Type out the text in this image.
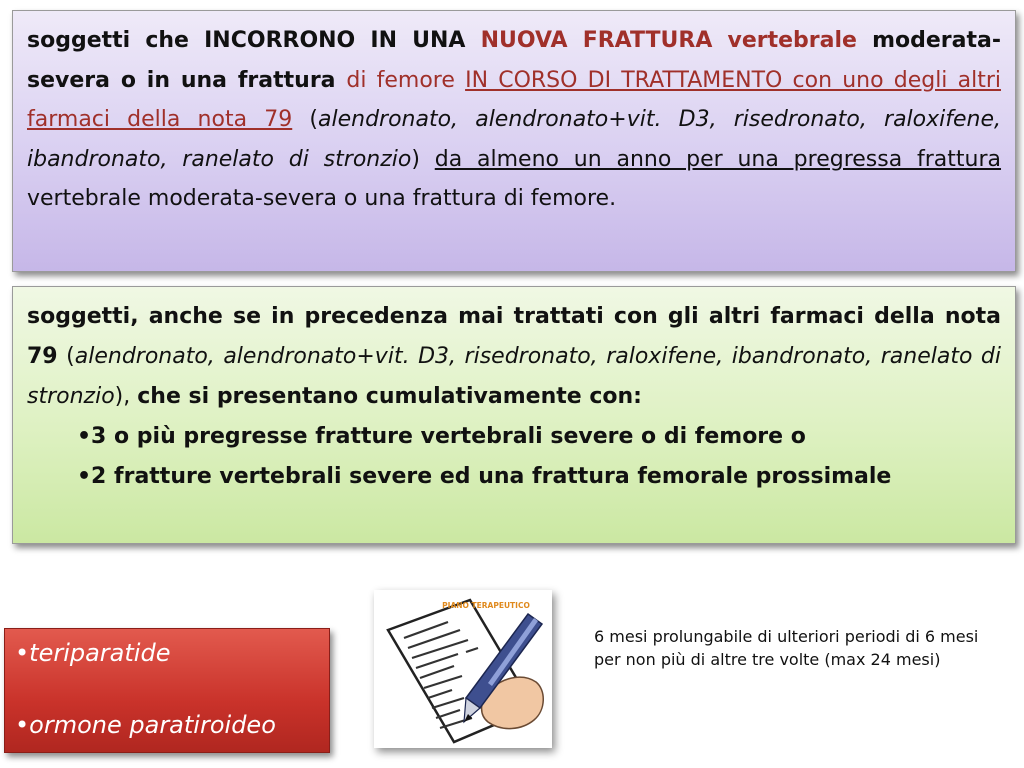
soggetti che INCORRONO IN UNA NUOVA FRATTURA vertebrale moderata-severa o in una frattura di femore IN CORSO DI TRATTAMENTO con uno degli altri farmaci della nota 79 (alendronato, alendronato+vit. D3, risedronato, raloxifene, ibandronato, ranelato di stronzio) da almeno un anno per una pregressa frattura vertebrale moderata-severa o una frattura di femore.

soggetti, anche se in precedenza mai trattati con gli altri farmaci della nota 79 (alendronato, alendronato+vit. D3, risedronato, raloxifene, ibandronato, ranelato di stronzio), che si presentano cumulativamente con:

•3 o più pregresse fratture vertebrali severe o di femore o

•2 fratture vertebrali severe ed una frattura femorale prossimale

•teriparatide

•ormone paratiroideo

PIANO TERAPEUTICO
6 mesi prolungabile di ulteriori periodi di 6 mesi per non più di altre tre volte (max 24 mesi)
